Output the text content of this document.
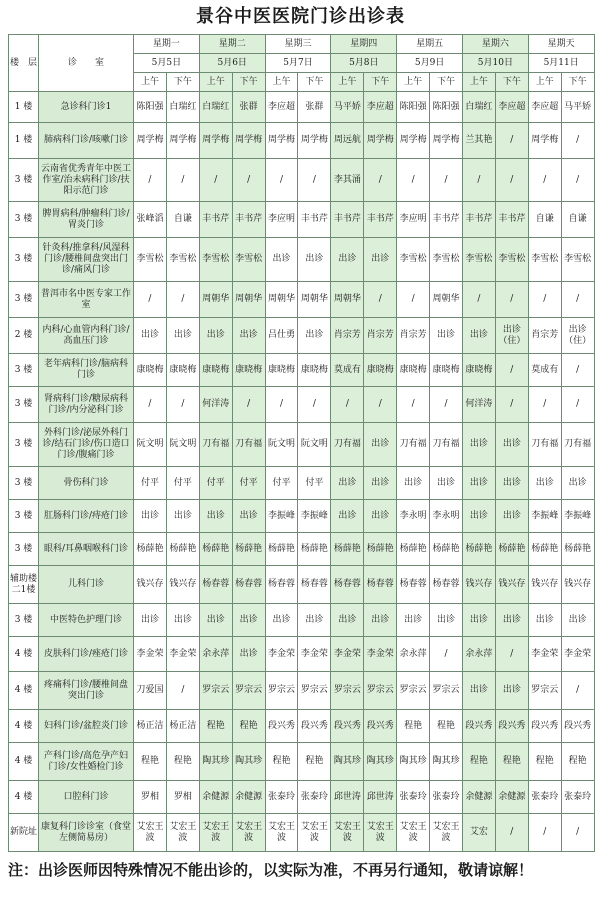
景谷中医医院门诊出诊表
楼　层	诊　　室	星期一		星期二		星期三		星期四		星期五		星期六		星期天	
		5月5日		5月6日		5月7日		5月8日		5月9日		5月10日		5月11日	
		上午	下午	上午	下午	上午	下午	上午	下午	上午	下午	上午	下午	上午	下午
1 楼	急诊科门诊1	陈阳强	白瑞红	白瑞红	张群	李应超	张群	马平娇	李应超	陈阳强	陈阳强	白瑞红	李应超	李应超	马平娇
1 楼	肺病科门诊/咳嗽门诊	周学梅	周学梅	周学梅	周学梅	周学梅	周学梅	周远航	周学梅	周学梅	周学梅	兰其艳	/	周学梅	/
3 楼	云南省优秀青年中医工作室/治未病科门诊/扶阳示范门诊	/	/	/	/	/	/	李其涌	/	/	/	/	/	/	/
3 楼	脾胃病科/肿瘤科门诊/胃炎门诊	张峰滔	自谦	丰书芹	丰书芹	李应明	丰书芹	丰书芹	丰书芹	李应明	丰书芹	丰书芹	丰书芹	自谦	自谦
3 楼	针灸科/推拿科/风湿科门诊/腰椎间盘突出门诊/痛风门诊	李雪松	李雪松	李雪松	李雪松	出诊	出诊	出诊	出诊	李雪松	李雪松	李雪松	李雪松	李雪松	李雪松
3 楼	普洱市名中医专家工作室	/	/	周朝华	周朝华	周朝华	周朝华	周朝华	/	/	周朝华	/	/	/	/
2 楼	内科/心血管内科门诊/高血压门诊	出诊	出诊	出诊	出诊	吕仕勇	出诊	肖宗芳	肖宗芳	肖宗芳	出诊	出诊	出诊（住）	肖宗芳	出诊（住）
3 楼	老年病科门诊/脑病科门诊	康晓梅	康晓梅	康晓梅	康晓梅	康晓梅	康晓梅	莫成有	康晓梅	康晓梅	康晓梅	康晓梅	/	莫成有	/
3 楼	肾病科门诊/糖尿病科门诊/内分泌科门诊	/	/	何洋涛	/	/	/	/	/	/	/	何洋涛	/	/	/
3 楼	外科门诊/泌尿外科门诊/结石门诊/伤口造口门诊/腹痛门诊	阮文明	阮文明	刀有福	刀有福	阮文明	阮文明	刀有福	出诊	刀有福	刀有福	出诊	出诊	刀有福	刀有福
3 楼	骨伤科门诊	付平	付平	付平	付平	付平	付平	出诊	出诊	出诊	出诊	出诊	出诊	出诊	出诊
3 楼	肛肠科门诊/痔疮门诊	出诊	出诊	出诊	出诊	李振峰	李振峰	出诊	出诊	李永明	李永明	出诊	出诊	李振峰	李振峰
3 楼	眼科/耳鼻咽喉科门诊	杨薛艳	杨薛艳	杨薛艳	杨薛艳	杨薛艳	杨薛艳	杨薛艳	杨薛艳	杨薛艳	杨薛艳	杨薛艳	杨薛艳	杨薛艳	杨薛艳
辅助楼二1楼	儿科门诊	钱兴存	钱兴存	杨春蓉	杨春蓉	杨春蓉	杨春蓉	杨春蓉	杨春蓉	杨春蓉	杨春蓉	钱兴存	钱兴存	钱兴存	钱兴存
3 楼	中医特色护理门诊	出诊	出诊	出诊	出诊	出诊	出诊	出诊	出诊	出诊	出诊	出诊	出诊	出诊	出诊
4 楼	皮肤科门诊/痤疮门诊	李金荣	李金荣	余永萍	出诊	李金荣	李金荣	李金荣	李金荣	余永萍	/	余永萍	/	李金荣	李金荣
4 楼	疼痛科门诊/腰椎间盘突出门诊	刀爱国	/	罗宗云	罗宗云	罗宗云	罗宗云	罗宗云	罗宗云	罗宗云	罗宗云	出诊	出诊	罗宗云	/
4 楼	妇科门诊/盆腔炎门诊	杨正洁	杨正洁	程艳	程艳	段兴秀	段兴秀	段兴秀	段兴秀	程艳	程艳	段兴秀	段兴秀	段兴秀	段兴秀
4 楼	产科门诊/高危孕产妇门诊/女性婚检门诊	程艳	程艳	陶其珍	陶其珍	程艳	程艳	陶其珍	陶其珍	陶其珍	陶其珍	程艳	程艳	程艳	程艳
4 楼	口腔科门诊	罗相	罗相	余健源	余健源	张泰玲	张泰玲	邱世涛	邱世涛	张泰玲	张泰玲	余健源	余健源	张泰玲	张泰玲
新院址	康复科门诊诊室（食堂左侧简易房）	艾宏王波	艾宏王波	艾宏王波	艾宏王波	艾宏王波	艾宏王波	艾宏王波	艾宏王波	艾宏王波	艾宏王波	艾宏	/	/	/
注：出诊医师因特殊情况不能出诊的，以实际为准，不再另行通知，敬请谅解！
